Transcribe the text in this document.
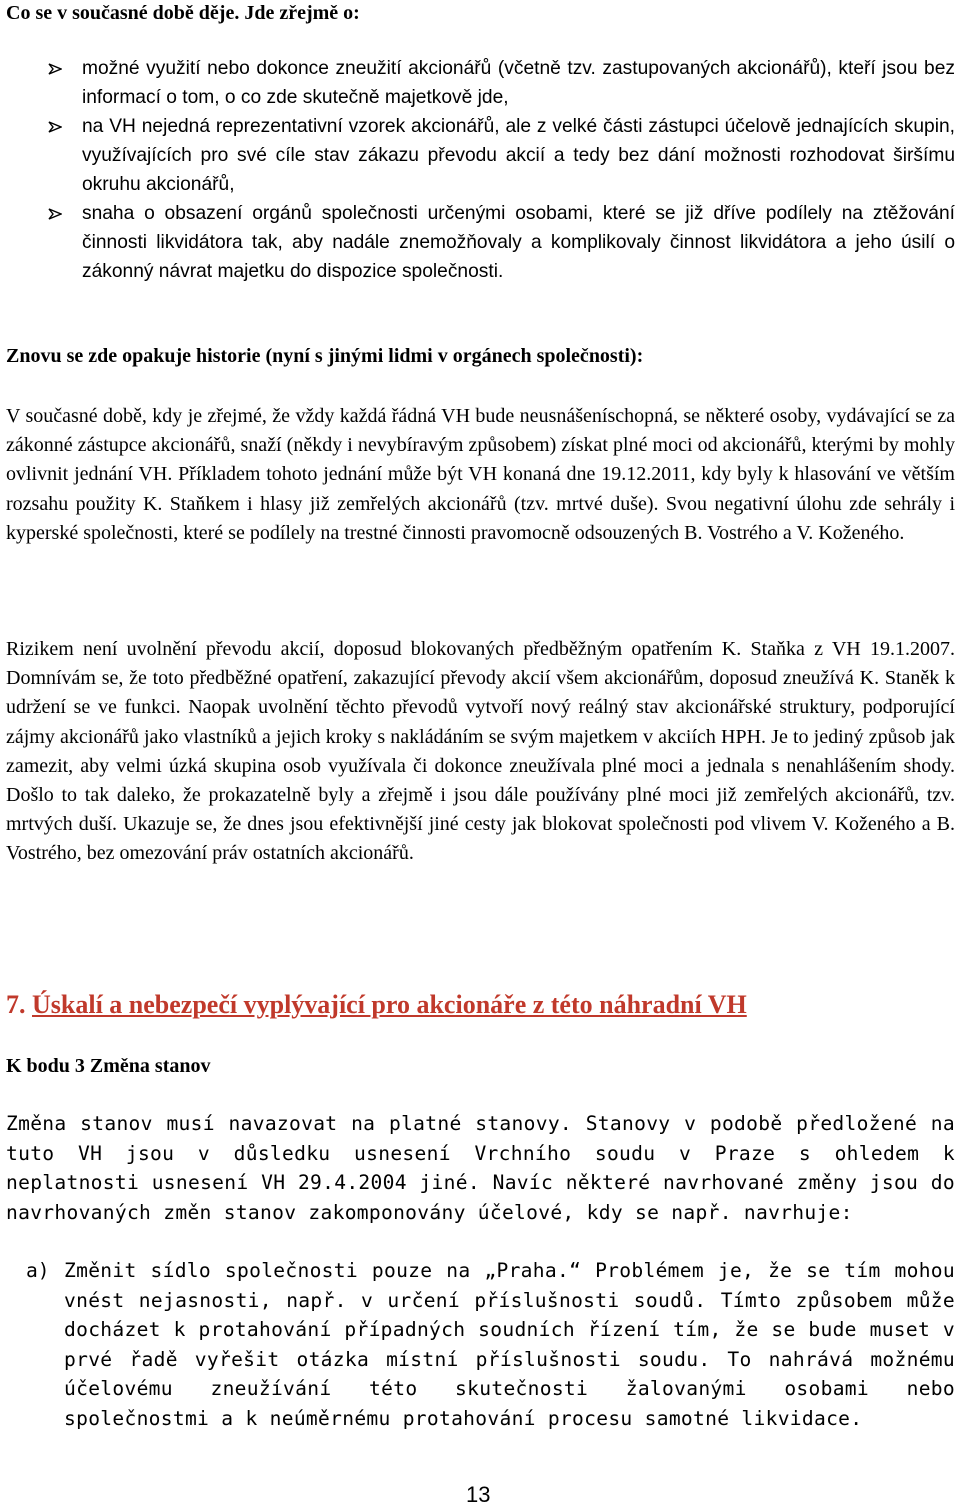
Co se v současné době děje. Jde zřejmě o:
možné využití nebo dokonce zneužití akcionářů (včetně tzv. zastupovaných akcionářů), kteří jsou bez informací o tom, o co zde skutečně majetkově jde,
na VH nejedná reprezentativní vzorek akcionářů, ale z velké části zástupci účelově jednajících skupin, využívajících pro své cíle stav zákazu převodu akcií a tedy bez dání možnosti rozhodovat širšímu okruhu akcionářů,
snaha o obsazení orgánů společnosti určenými osobami, které se již dříve podílely na ztěžování činnosti likvidátora tak, aby nadále znemožňovaly a komplikovaly činnost likvidátora a jeho úsilí o zákonný návrat majetku do dispozice společnosti.
Znovu se zde opakuje historie (nyní s jinými lidmi v orgánech společnosti):
V současné době, kdy je zřejmé, že vždy každá řádná VH bude neusnášeníschopná, se některé osoby, vydávající se za zákonné zástupce akcionářů, snaží (někdy i nevybíravým způsobem) získat plné moci od akcionářů, kterými by mohly ovlivnit jednání VH. Příkladem tohoto jednání může být VH konaná dne 19.12.2011, kdy byly k hlasování ve větším rozsahu použity K. Staňkem i hlasy již zemřelých akcionářů (tzv. mrtvé duše). Svou negativní úlohu zde sehrály i kyperské společnosti, které se podílely na trestné činnosti pravomocně odsouzených B. Vostrého a V. Koženého.
Rizikem není uvolnění převodu akcií, doposud blokovaných předběžným opatřením K. Staňka z VH 19.1.2007. Domnívám se, že toto předběžné opatření, zakazující převody akcií všem akcionářům, doposud zneužívá K. Staněk k udržení se ve funkci. Naopak uvolnění těchto převodů vytvoří nový reálný stav akcionářské struktury, podporující zájmy akcionářů jako vlastníků a jejich kroky s nakládáním se svým majetkem v akciích HPH. Je to jediný způsob jak zamezit, aby velmi úzká skupina osob využívala či dokonce zneužívala plné moci a jednala s nenahlášením shody. Došlo to tak daleko, že prokazatelně byly a zřejmě i jsou dále používány plné moci již zemřelých akcionářů, tzv. mrtvých duší. Ukazuje se, že dnes jsou efektivnější jiné cesty jak blokovat společnosti pod vlivem V. Koženého a B. Vostrého, bez omezování práv ostatních akcionářů.
7. Úskalí a nebezpečí vyplývající pro akcionáře z této náhradní VH
K bodu 3 Změna stanov
Změna stanov musí navazovat na platné stanovy. Stanovy v podobě předložené na tuto VH jsou v důsledku usnesení Vrchního soudu v Praze s ohledem k neplatnosti usnesení VH 29.4.2004 jiné. Navíc některé navrhované změny jsou do navrhovaných změn stanov zakomponovány účelové, kdy se např. navrhuje:
a) Změnit sídlo společnosti pouze na „Praha.“ Problémem je, že se tím mohou vnést nejasnosti, např. v určení příslušnosti soudů. Tímto způsobem může docházet k protahování případných soudních řízení tím, že se bude muset v prvé řadě vyřešit otázka místní příslušnosti soudu. To nahrává možnému účelovému zneužívání této skutečnosti žalovanými osobami nebo společnostmi a k neúměrnému protahování procesu samotné likvidace.
13
